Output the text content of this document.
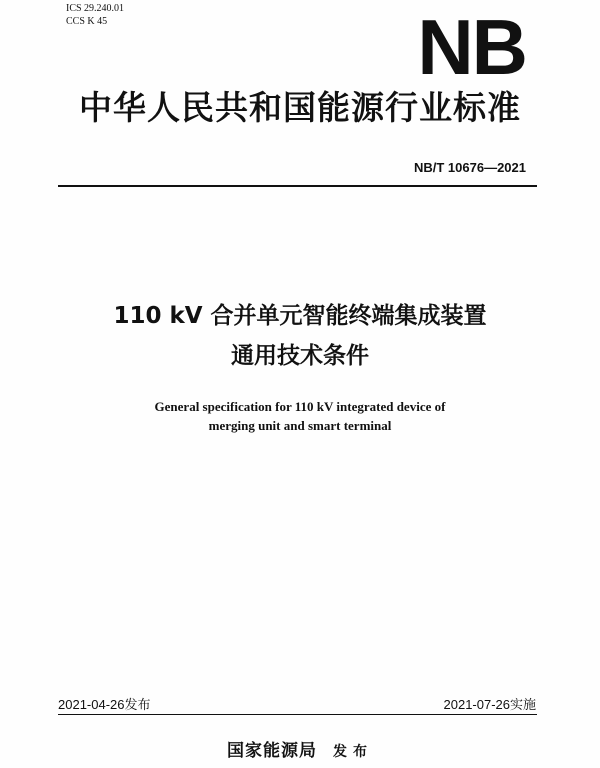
ICS 29.240.01
CCS K 45	NB
中华人民共和国能源行业标准
NB/T 10676—2021
110 kV 合并单元智能终端集成装置
通用技术条件
General specification for 110 kV integrated device of
merging unit and smart terminal
2021-04-26发布	2021-07-26实施
国家能源局 发布
